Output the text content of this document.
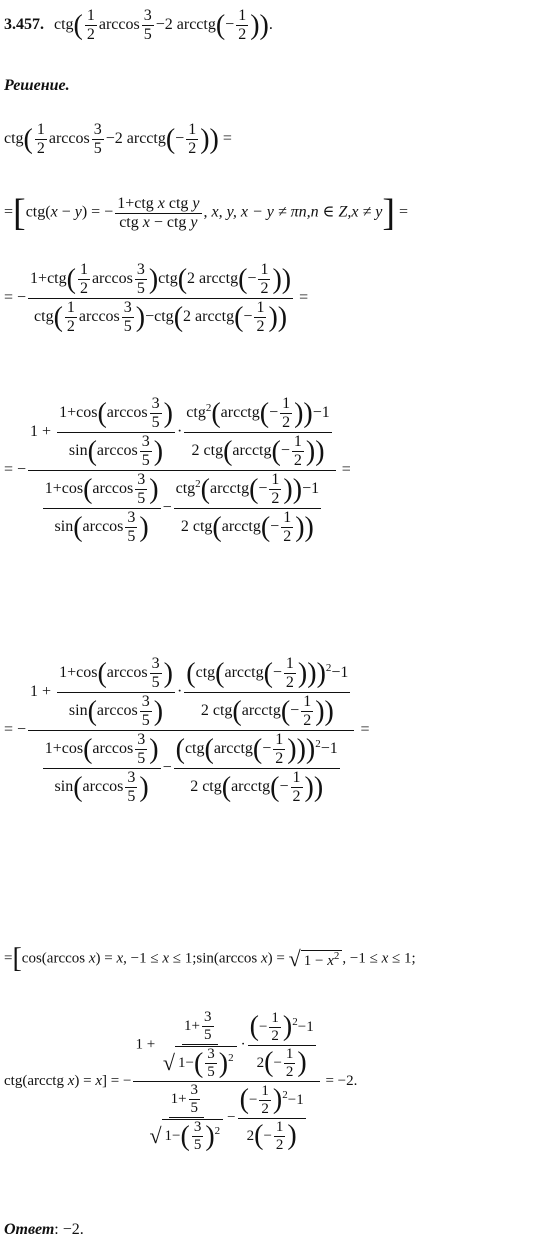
3.457. $ctg( \frac{1}{2}$ $\arccos \frac{3}{5} -2$ arcctg(− $\frac{1}{2}$ )).
Решение.
$ctg( \frac{1}{2}$ $\arccos \frac{3}{5} -2$ arcctg(− $\frac{1}{2}$ )) =
=[ctg(x − y) = −
1+ctg x ctg y
ctg x − ctg y
, x, y, x − y ≠ πn,n ∈ Z,x ≠ y] =
= −
$1+ctg( \frac{1}{2}$ $\arccos \frac{3}{5} )ctg(2$ arcctg(− $\frac{1}{2}$ ))
$ctg( \frac{1}{2}$ $\arccos \frac{3}{5} )-ctg(2$ arcctg(− $\frac{1}{2}$ ))
=
= −
$1 + \frac{1+\cos(\arccos \frac{3}{5} )}{\sin(\arccos \frac{3}{5} )}$ ·
ctg$^2$(arcctg(− $\frac{1}{2} ))-1$
2 ctg(arcctg(− $\frac{1}{2}$ ))
$\frac{1+\cos(\arccos \frac{3}{5} )}{\sin(\arccos \frac{3}{5} )}$ −
ctg$^2$(arcctg(− $\frac{1}{2} ))-1$
2 ctg(arcctg(− $\frac{1}{2}$ ))
=
= −
$1 + \frac{1+\cos(\arccos \frac{3}{5} )}{\sin(\arccos \frac{3}{5} )}$ ·
(ctg(arcctg(− $\frac{1}{2} )))^2-1$
2 ctg(arcctg(− $\frac{1}{2}$ ))
$\frac{1+\cos(\arccos \frac{3}{5} )}{\sin(\arccos \frac{3}{5} )}$ −
(ctg(arcctg(− $\frac{1}{2} )))^2-1$
2 ctg(arcctg(− $\frac{1}{2}$ ))
=
=[cos(arccos x) = x, −1 ≤ x ≤ 1;sin(arccos x) = √ $1 - x^2$ , −1 ≤ x ≤ 1;
ctg(arcctg x) = x] = − $\frac{1 + \frac{1+ \frac{3}{5}}{√ 1-( \frac{3}{5} )^2} \cdot \frac{(- \frac{1}{2} )^2-1}{2(- \frac{1}{2} )}}{\frac{1+ \frac{3}{5}}{√ 1-( \frac{3}{5} )^2} - \frac{(- \frac{1}{2} )^2-1}{2(- \frac{1}{2} )}} = -2$.
Ответ: −2.
